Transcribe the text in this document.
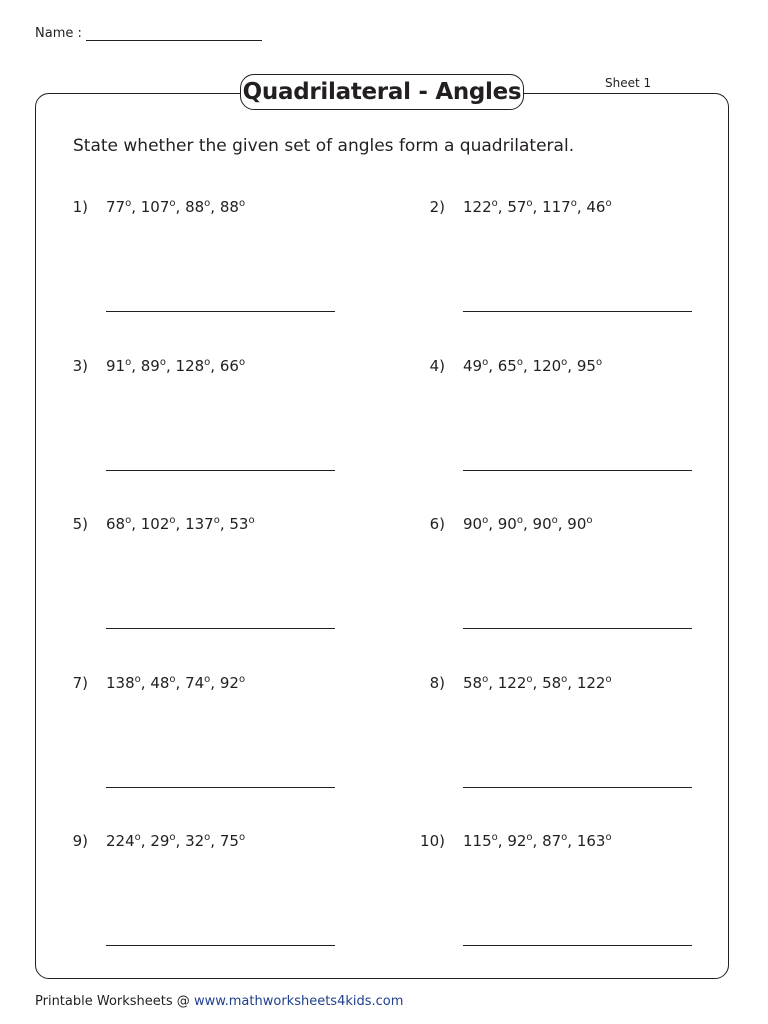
Name :
Sheet 1
Quadrilateral - Angles
State whether the given set of angles form a quadrilateral.
1) 77$^o$, 107$^o$, 88$^o$, 88$^o$	2) 122$^o$, 57$^o$, 117$^o$, 46$^o$
3) 91$^o$, 89$^o$, 128$^o$, 66$^o$	4) 49$^o$, 65$^o$, 120$^o$, 95$^o$
5) 68$^o$, 102$^o$, 137$^o$, 53$^o$	6) 90$^o$, 90$^o$, 90$^o$, 90$^o$
7) 138$^o$, 48$^o$, 74$^o$, 92$^o$	8) 58$^o$, 122$^o$, 58$^o$, 122$^o$
9) 224$^o$, 29$^o$, 32$^o$, 75$^o$	10) 115$^o$, 92$^o$, 87$^o$, 163$^o$
Printable Worksheets @ www.mathworksheets4kids.com
